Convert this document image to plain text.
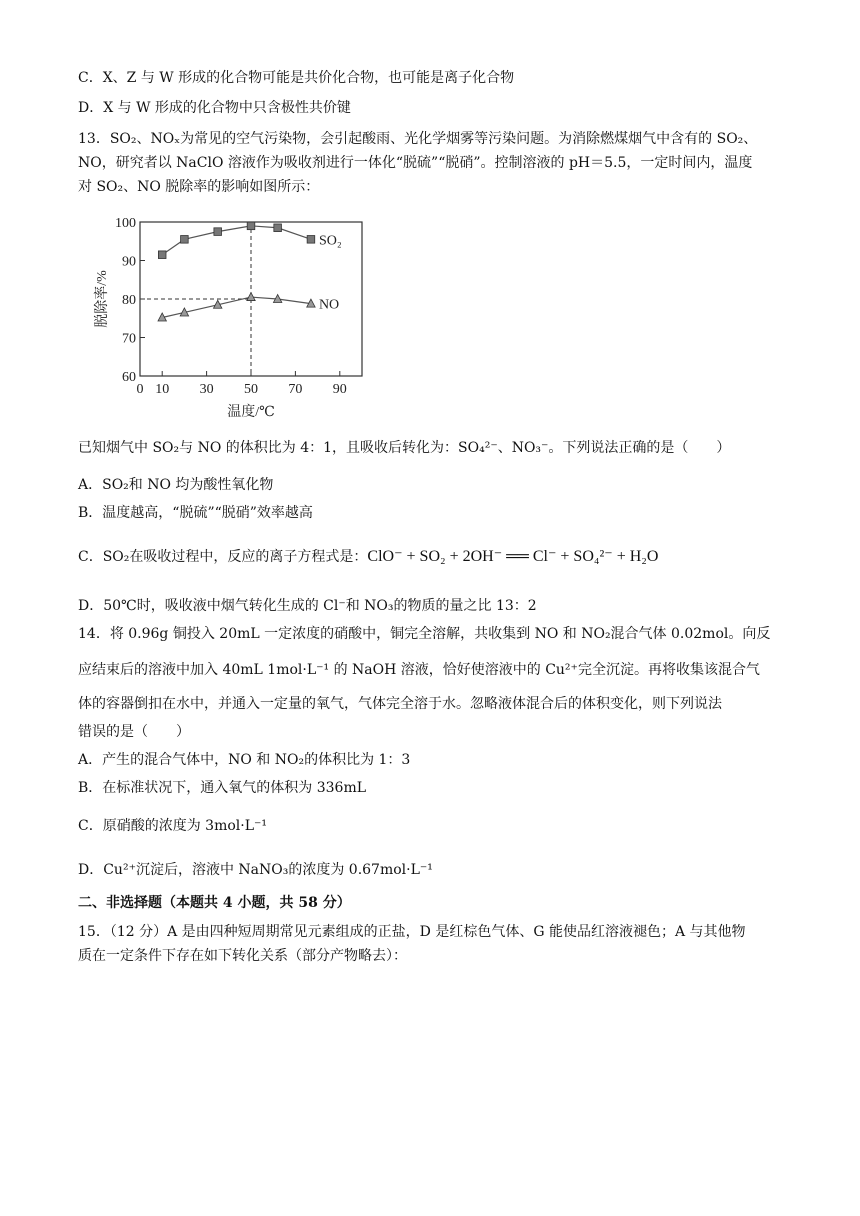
C．X、Z 与 W 形成的化合物可能是共价化合物，也可能是离子化合物
D．X 与 W 形成的化合物中只含极性共价键
13．SO₂、NOₓ为常见的空气污染物，会引起酸雨、光化学烟雾等污染问题。为消除燃煤烟气中含有的 SO₂、
NO，研究者以 NaClO 溶液作为吸收剂进行一体化“脱硫”“脱硝”。控制溶液的 pH＝5.5，一定时间内，温度
对 SO₂、NO 脱除率的影响如图所示：
60
70
80
90
100
0 10 30 50 70 90
SO₂
NO
温度/℃
脱除率/%
已知烟气中 SO₂与 NO 的体积比为 4：1，且吸收后转化为：SO₄²⁻、NO₃⁻。下列说法正确的是（　　）
A．SO₂和 NO 均为酸性氧化物
B．温度越高，“脱硫”“脱硝”效率越高
C．SO₂在吸收过程中，反应的离子方程式是：ClO⁻ + SO₂ + 2OH⁻ ══ Cl⁻ + SO₄²⁻ + H₂O
D．50℃时，吸收液中烟气转化生成的 Cl⁻和 NO₃的物质的量之比 13：2
14．将 0.96g 铜投入 20mL 一定浓度的硝酸中，铜完全溶解，共收集到 NO 和 NO₂混合气体 0.02mol。向反
应结束后的溶液中加入 40mL 1mol·L⁻¹ 的 NaOH 溶液，恰好使溶液中的 Cu²⁺完全沉淀。再将收集该混合气
体的容器倒扣在水中，并通入一定量的氧气，气体完全溶于水。忽略液体混合后的体积变化，则下列说法
错误的是（　　）
A．产生的混合气体中，NO 和 NO₂的体积比为 1：3
B．在标准状况下，通入氧气的体积为 336mL
C．原硝酸的浓度为 3mol·L⁻¹
D．Cu²⁺沉淀后，溶液中 NaNO₃的浓度为 0.67mol·L⁻¹
二、非选择题（本题共 4 小题，共 58 分）
15．（12 分）A 是由四种短周期常见元素组成的正盐，D 是红棕色气体、G 能使品红溶液褪色；A 与其他物
质在一定条件下存在如下转化关系（部分产物略去）：
